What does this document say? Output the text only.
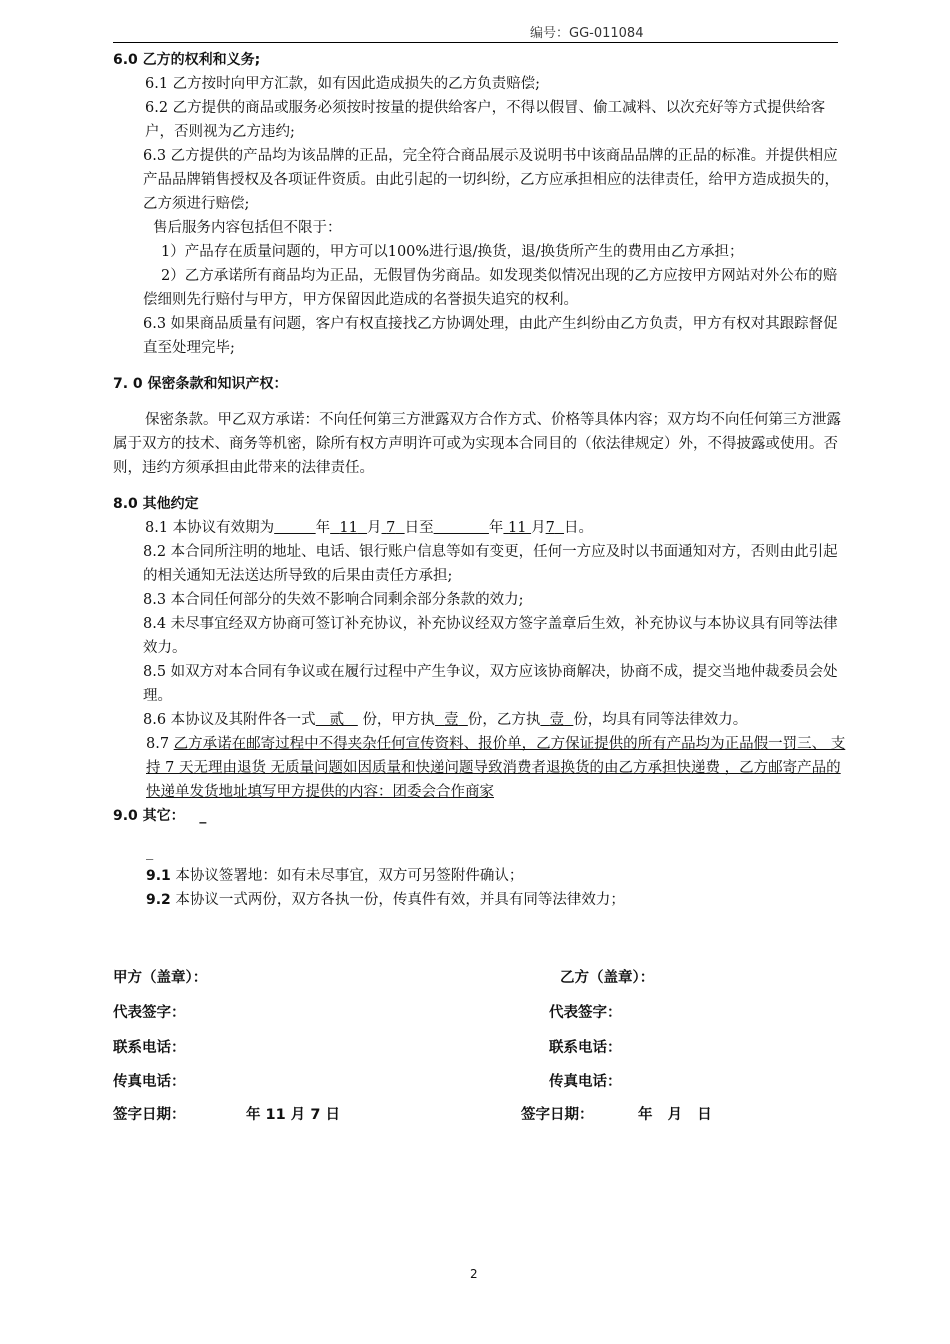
编号：GG-011084

6.0 乙方的权利和义务;

6.1 乙方按时向甲方汇款，如有因此造成损失的乙方负责赔偿;

6.2 乙方提供的商品或服务必须按时按量的提供给客户，不得以假冒、偷工减料、以次充好等方式提供给客户，否则视为乙方违约;

6.3 乙方提供的产品均为该品牌的正品，完全符合商品展示及说明书中该商品品牌的正品的标准。并提供相应产品品牌销售授权及各项证件资质。由此引起的一切纠纷，乙方应承担相应的法律责任，给甲方造成损失的，乙方须进行赔偿;

售后服务内容包括但不限于：

1）产品存在质量问题的，甲方可以100%进行退/换货，退/换货所产生的费用由乙方承担；

2）乙方承诺所有商品均为正品，无假冒伪劣商品。如发现类似情况出现的乙方应按甲方网站对外公布的赔偿细则先行赔付与甲方，甲方保留因此造成的名誉损失追究的权利。

6.3 如果商品质量有问题，客户有权直接找乙方协调处理，由此产生纠纷由乙方负责，甲方有权对其跟踪督促直至处理完毕;

7. 0 保密条款和知识产权：

保密条款。甲乙双方承诺：不向任何第三方泄露双方合作方式、价格等具体内容；双方均不向任何第三方泄露属于双方的技术、商务等机密，除所有权方声明许可或为实现本合同目的（依法律规定）外，不得披露或使用。否则，违约方须承担由此带来的法律责任。

8.0 其他约定

8.1 本协议有效期为	年 11 月 7 日至	年 11 月7 日。

8.2 本合同所注明的地址、电话、银行账户信息等如有变更，任何一方应及时以书面通知对方，否则由此引起的相关通知无法送达所导致的后果由责任方承担;

8.3 本合同任何部分的失效不影响合同剩余部分条款的效力;

8.4 未尽事宜经双方协商可签订补充协议，补充协议经双方签字盖章后生效，补充协议与本协议具有同等法律效力。

8.5 如双方对本合同有争议或在履行过程中产生争议，双方应该协商解决，协商不成，提交当地仲裁委员会处理。

8.6 本协议及其附件各一式 贰 份，甲方执 壹 份，乙方执 壹 份，均具有同等法律效力。

8.7 乙方承诺在邮寄过程中不得夹杂任何宣传资料、报价单，乙方保证提供的所有产品均为正品假一罚三、 支持 7 天无理由退货 无质量问题如因质量和快递问题导致消费者退换货的由乙方承担快递费 ，乙方邮寄产品的快递单发货地址填写甲方提供的内容：团委会合作商家

9.0 其它： _

_

9.1 本协议签署地：如有未尽事宜，双方可另签附件确认；

9.2 本协议一式两份，双方各执一份，传真件有效，并具有同等法律效力；

甲方（盖章）：	乙方（盖章）：
代表签字：	代表签字：
联系电话：	联系电话：
传真电话：	传真电话：
签字日期：	年 11 月 7 日	签字日期：	年   月   日
2
